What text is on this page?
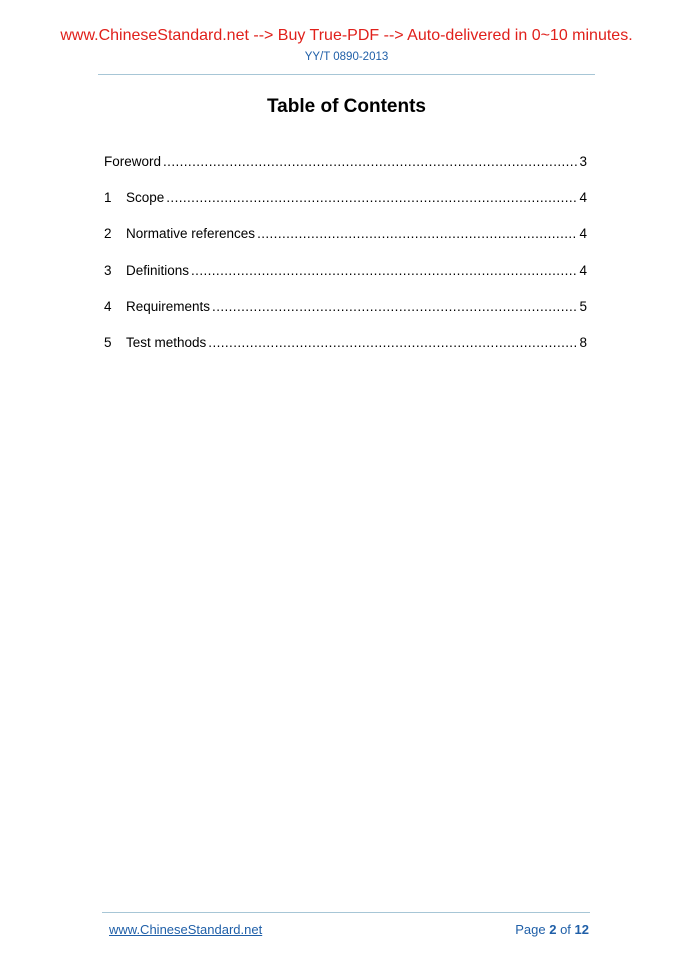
www.ChineseStandard.net --> Buy True-PDF --> Auto-delivered in 0~10 minutes.
YY/T 0890-2013
Table of Contents
Foreword .....	3
1	Scope .....	4
2	Normative references .....	4
3	Definitions .....	4
4	Requirements .....	5
5	Test methods .....	8
www.ChineseStandard.net	Page 2 of 12
